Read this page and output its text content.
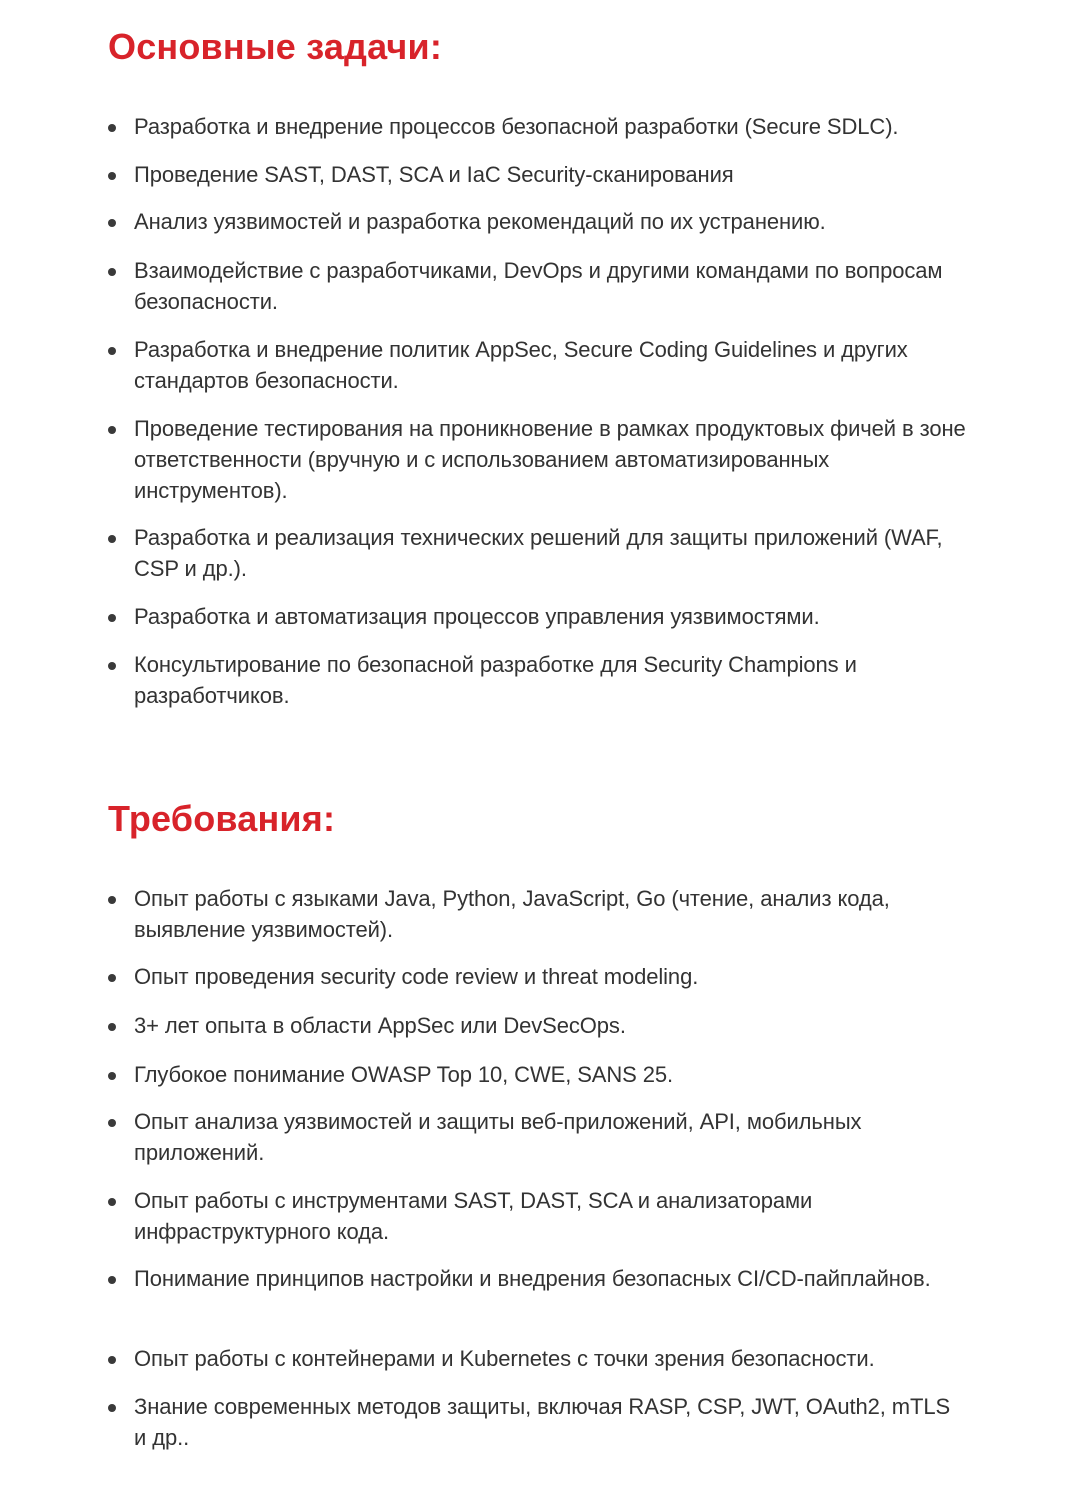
Основные задачи:
Разработка и внедрение процессов безопасной разработки (Secure SDLC).
Проведение SAST, DAST, SCA и IaC Security-сканирования
Анализ уязвимостей и разработка рекомендаций по их устранению.
Взаимодействие с разработчиками, DevOps и другими командами по вопросам безопасности.
Разработка и внедрение политик AppSec, Secure Coding Guidelines и других стандартов безопасности.
Проведение тестирования на проникновение в рамках продуктовых фичей в зоне ответственности (вручную и с использованием автоматизированных инструментов).
Разработка и реализация технических решений для защиты приложений (WAF, CSP и др.).
Разработка и автоматизация процессов управления уязвимостями.
Консультирование по безопасной разработке для Security Champions и разработчиков.
Требования:
Опыт работы с языками Java, Python, JavaScript, Go (чтение, анализ кода, выявление уязвимостей).
Опыт проведения security code review и threat modeling.
3+ лет опыта в области AppSec или DevSecOps.
Глубокое понимание OWASP Top 10, CWE, SANS 25.
Опыт анализа уязвимостей и защиты веб-приложений, API, мобильных приложений.
Опыт работы с инструментами SAST, DAST, SCA и анализаторами инфраструктурного кода.
Понимание принципов настройки и внедрения безопасных CI/CD-пайплайнов.
Опыт работы с контейнерами и Kubernetes с точки зрения безопасности.
Знание современных методов защиты, включая RASP, CSP, JWT, OAuth2, mTLS и др..
